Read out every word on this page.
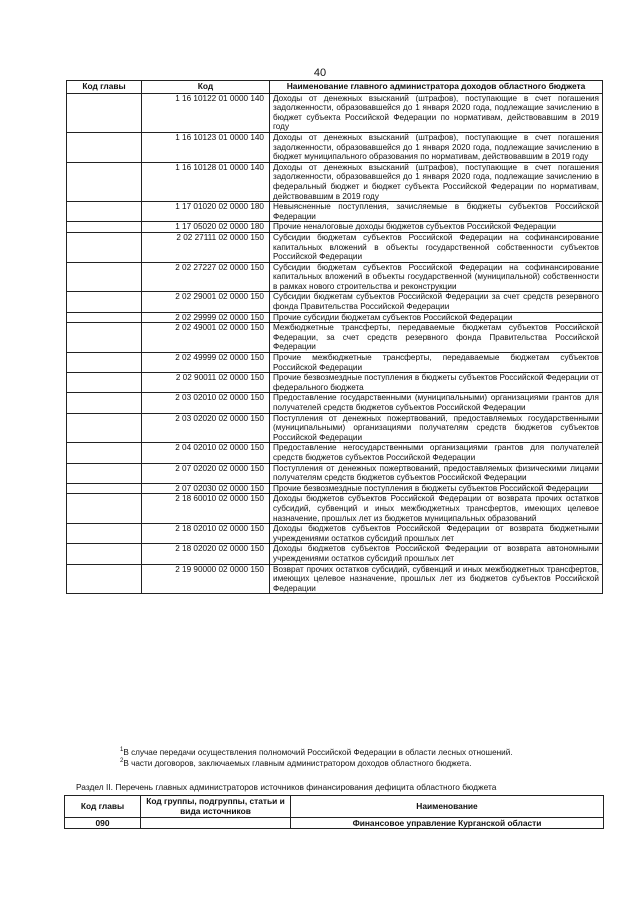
40
Код главы	Код	Наименование главного администратора доходов областного бюджета
	1 16 10122 01 0000 140	Доходы от денежных взысканий (штрафов), поступающие в счет погашения задолженности, образовавшейся до 1 января 2020 года, подлежащие зачислению в бюджет субъекта Российской Федерации по нормативам, действовавшим в 2019 году
	1 16 10123 01 0000 140	Доходы от денежных взысканий (штрафов), поступающие в счет погашения задолженности, образовавшейся до 1 января 2020 года, подлежащие зачислению в бюджет муниципального образования по нормативам, действовавшим в 2019 году
	1 16 10128 01 0000 140	Доходы от денежных взысканий (штрафов), поступающие в счет погашения задолженности, образовавшейся до 1 января 2020 года, подлежащие зачислению в федеральный бюджет и бюджет субъекта Российской Федерации по нормативам, действовавшим в 2019 году
	1 17 01020 02 0000 180	Невыясненные поступления, зачисляемые в бюджеты субъектов Российской Федерации
	1 17 05020 02 0000 180	Прочие неналоговые доходы бюджетов субъектов Российской Федерации
	2 02 27111 02 0000 150	Субсидии бюджетам субъектов Российской Федерации на софинансирование капитальных вложений в объекты государственной собственности субъектов Российской Федерации
	2 02 27227 02 0000 150	Субсидии бюджетам субъектов Российской Федерации на софинансирование капитальных вложений в объекты государственной (муниципальной) собственности в рамках нового строительства и реконструкции
	2 02 29001 02 0000 150	Субсидии бюджетам субъектов Российской Федерации за счет средств резервного фонда Правительства Российской Федерации
	2 02 29999 02 0000 150	Прочие субсидии бюджетам субъектов Российской Федерации
	2 02 49001 02 0000 150	Межбюджетные трансферты, передаваемые бюджетам субъектов Российской Федерации, за счет средств резервного фонда Правительства Российской Федерации
	2 02 49999 02 0000 150	Прочие межбюджетные трансферты, передаваемые бюджетам субъектов Российской Федерации
	2 02 90011 02 0000 150	Прочие безвозмездные поступления в бюджеты субъектов Российской Федерации от федерального бюджета
	2 03 02010 02 0000 150	Предоставление государственными (муниципальными) организациями грантов для получателей средств бюджетов субъектов Российской Федерации
	2 03 02020 02 0000 150	Поступления от денежных пожертвований, предоставляемых государственными (муниципальными) организациями получателям средств бюджетов субъектов Российской Федерации
	2 04 02010 02 0000 150	Предоставление негосударственными организациями грантов для получателей средств бюджетов субъектов Российской Федерации
	2 07 02020 02 0000 150	Поступления от денежных пожертвований, предоставляемых физическими лицами получателям средств бюджетов субъектов Российской Федерации
	2 07 02030 02 0000 150	Прочие безвозмездные поступления в бюджеты субъектов Российской Федерации
	2 18 60010 02 0000 150	Доходы бюджетов субъектов Российской Федерации от возврата прочих остатков субсидий, субвенций и иных межбюджетных трансфертов, имеющих целевое назначение, прошлых лет из бюджетов муниципальных образований
	2 18 02010 02 0000 150	Доходы бюджетов субъектов Российской Федерации от возврата бюджетными учреждениями остатков субсидий прошлых лет
	2 18 02020 02 0000 150	Доходы бюджетов субъектов Российской Федерации от возврата автономными учреждениями остатков субсидий прошлых лет
	2 19 90000 02 0000 150	Возврат прочих остатков субсидий, субвенций и иных межбюджетных трансфертов, имеющих целевое назначение, прошлых лет из бюджетов субъектов Российской Федерации
$^1$В случае передачи осуществления полномочий Российской Федерации в области лесных отношений.
$^2$В части договоров, заключаемых главным администратором доходов областного бюджета.
Раздел II. Перечень главных администраторов источников финансирования дефицита областного бюджета
Код главы	Код группы, подгруппы, статьи и вида источников	Наименование
090		Финансовое управление Курганской области
